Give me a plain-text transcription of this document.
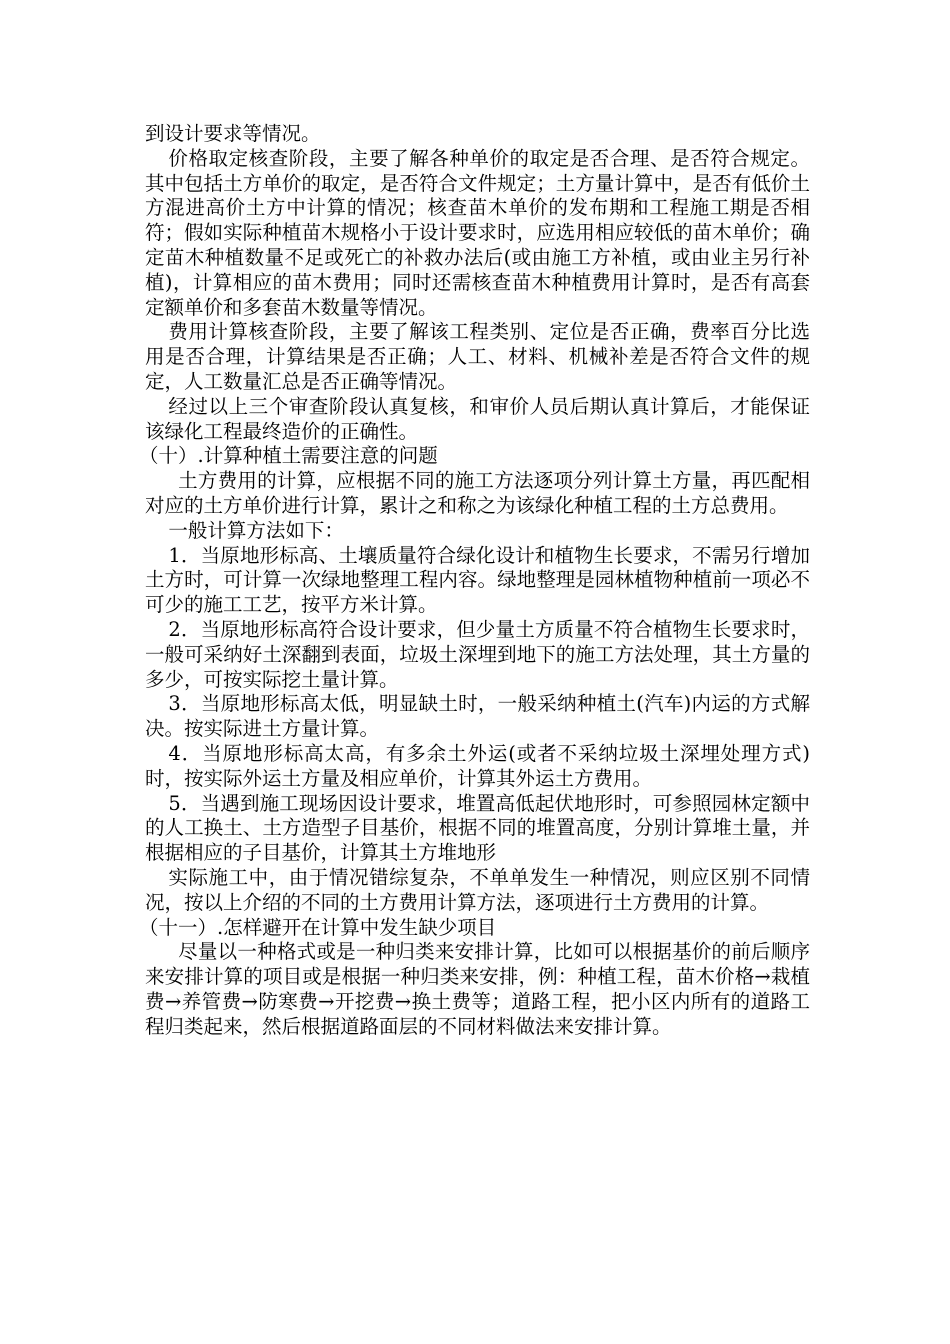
到设计要求等情况。

价格取定核查阶段，主要了解各种单价的取定是否合理、是否符合规定。其中包括土方单价的取定，是否符合文件规定；土方量计算中，是否有低价土方混进高价土方中计算的情况；核查苗木单价的发布期和工程施工期是否相符；假如实际种植苗木规格小于设计要求时，应选用相应较低的苗木单价；确定苗木种植数量不足或死亡的补救办法后(或由施工方补植，或由业主另行补植)，计算相应的苗木费用；同时还需核查苗木种植费用计算时，是否有高套定额单价和多套苗木数量等情况。

费用计算核查阶段，主要了解该工程类别、定位是否正确，费率百分比选用是否合理，计算结果是否正确；人工、材料、机械补差是否符合文件的规定，人工数量汇总是否正确等情况。

经过以上三个审查阶段认真复核，和审价人员后期认真计算后，才能保证该绿化工程最终造价的正确性。

（十）.计算种植土需要注意的问题

土方费用的计算，应根据不同的施工方法逐项分列计算土方量，再匹配相对应的土方单价进行计算，累计之和称之为该绿化种植工程的土方总费用。

一般计算方法如下：

1．当原地形标高、土壤质量符合绿化设计和植物生长要求，不需另行增加土方时，可计算一次绿地整理工程内容。绿地整理是园林植物种植前一项必不可少的施工工艺，按平方米计算。

2．当原地形标高符合设计要求，但少量土方质量不符合植物生长要求时，一般可采纳好土深翻到表面，垃圾土深埋到地下的施工方法处理，其土方量的多少，可按实际挖土量计算。

3．当原地形标高太低，明显缺土时，一般采纳种植土(汽车)内运的方式解决。按实际进土方量计算。

4．当原地形标高太高，有多余土外运(或者不采纳垃圾土深埋处理方式)时，按实际外运土方量及相应单价，计算其外运土方费用。

5．当遇到施工现场因设计要求，堆置高低起伏地形时，可参照园林定额中的人工换土、土方造型子目基价，根据不同的堆置高度，分别计算堆土量，并根据相应的子目基价，计算其土方堆地形

实际施工中，由于情况错综复杂，不单单发生一种情况，则应区别不同情况，按以上介绍的不同的土方费用计算方法，逐项进行土方费用的计算。

（十一）.怎样避开在计算中发生缺少项目

尽量以一种格式或是一种归类来安排计算，比如可以根据基价的前后顺序来安排计算的项目或是根据一种归类来安排，例：种植工程，苗木价格→栽植费→养管费→防寒费→开挖费→换土费等；道路工程，把小区内所有的道路工程归类起来，然后根据道路面层的不同材料做法来安排计算。
